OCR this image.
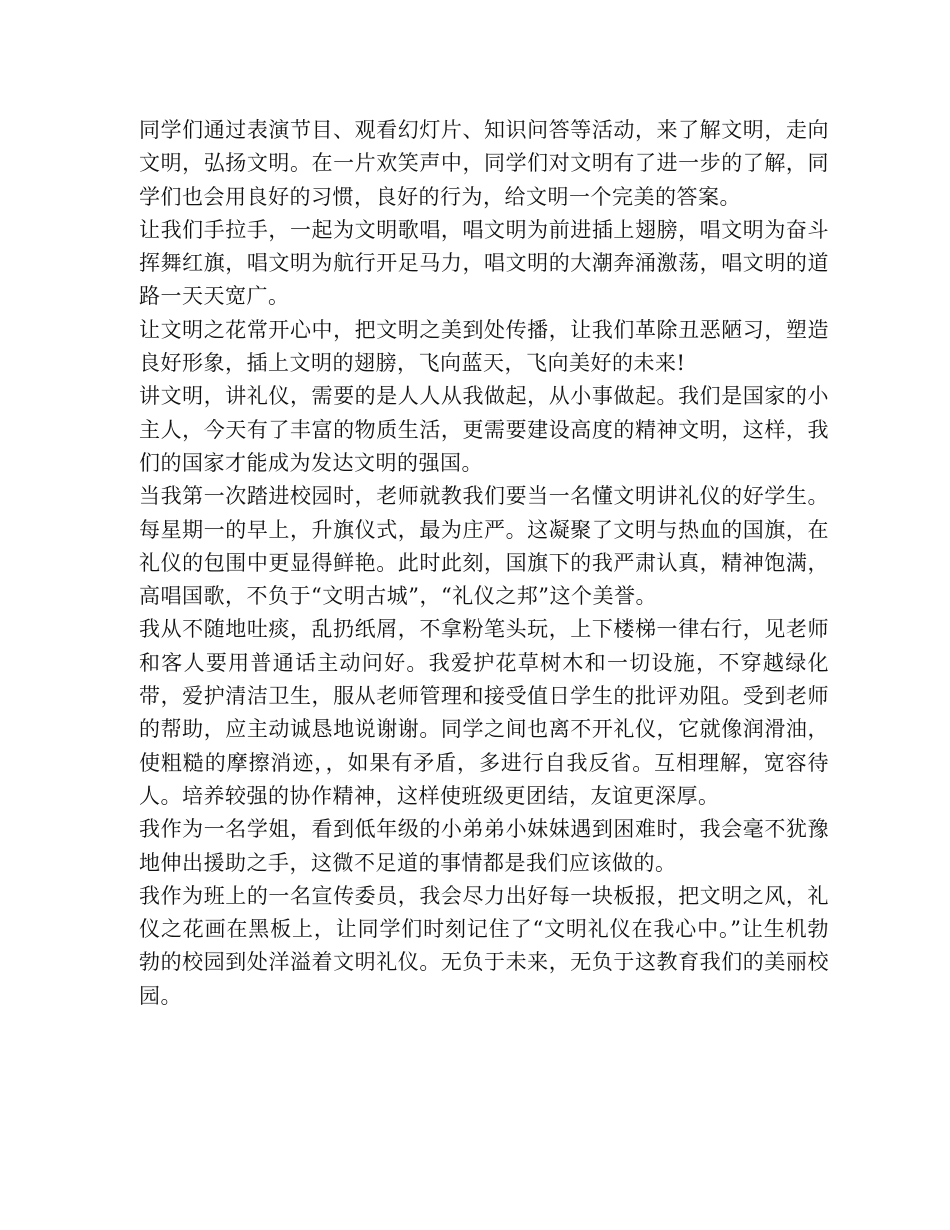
同学们通过表演节目、观看幻灯片、知识问答等活动，来了解文明，走向文明，弘扬文明。在一片欢笑声中，同学们对文明有了进一步的了解，同学们也会用良好的习惯，良好的行为，给文明一个完美的答案。

让我们手拉手，一起为文明歌唱，唱文明为前进插上翅膀，唱文明为奋斗挥舞红旗，唱文明为航行开足马力，唱文明的大潮奔涌激荡，唱文明的道路一天天宽广。

让文明之花常开心中，把文明之美到处传播，让我们革除丑恶陋习，塑造良好形象，插上文明的翅膀，飞向蓝天，飞向美好的未来!

讲文明，讲礼仪，需要的是人人从我做起，从小事做起。我们是国家的小主人，今天有了丰富的物质生活，更需要建设高度的精神文明，这样，我们的国家才能成为发达文明的强国。

当我第一次踏进校园时，老师就教我们要当一名懂文明讲礼仪的好学生。每星期一的早上，升旗仪式，最为庄严。这凝聚了文明与热血的国旗，在礼仪的包围中更显得鲜艳。此时此刻，国旗下的我严肃认真，精神饱满，高唱国歌，不负于“文明古城”，“礼仪之邦”这个美誉。

我从不随地吐痰，乱扔纸屑，不拿粉笔头玩，上下楼梯一律右行，见老师和客人要用普通话主动问好。我爱护花草树木和一切设施，不穿越绿化带，爱护清洁卫生，服从老师管理和接受值日学生的批评劝阻。受到老师的帮助，应主动诚恳地说谢谢。同学之间也离不开礼仪，它就像润滑油，使粗糙的摩擦消迹，，如果有矛盾，多进行自我反省。互相理解，宽容待人。培养较强的协作精神，这样使班级更团结，友谊更深厚。

我作为一名学姐，看到低年级的小弟弟小妹妹遇到困难时，我会毫不犹豫地伸出援助之手，这微不足道的事情都是我们应该做的。

我作为班上的一名宣传委员，我会尽力出好每一块板报，把文明之风，礼仪之花画在黑板上，让同学们时刻记住了“文明礼仪在我心中。”让生机勃勃的校园到处洋溢着文明礼仪。无负于未来，无负于这教育我们的美丽校园。
